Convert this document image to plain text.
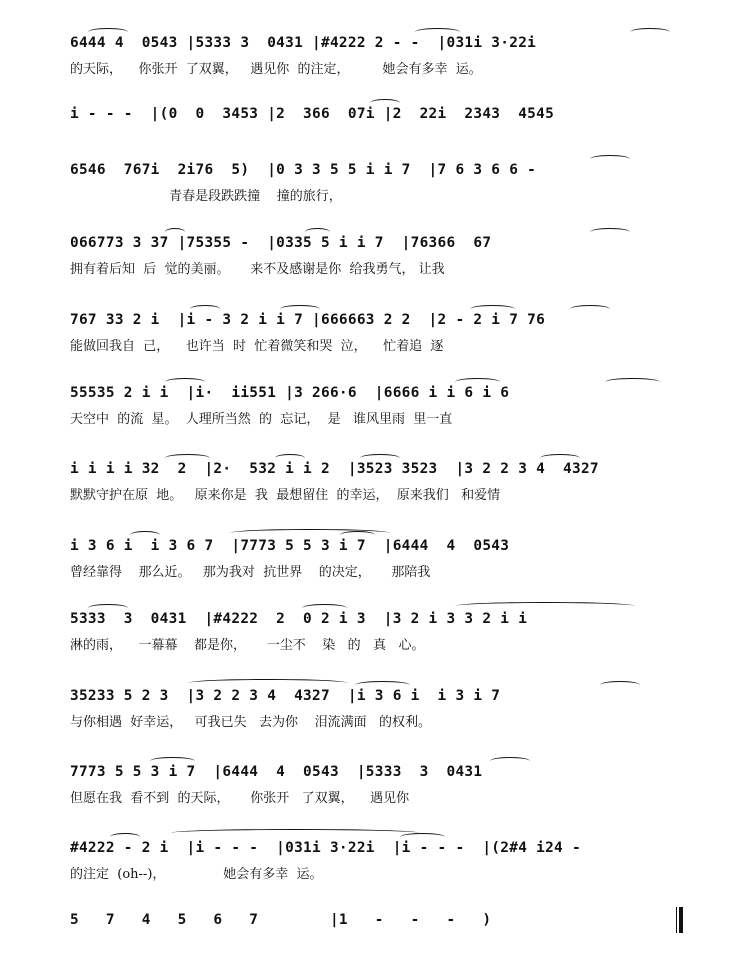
6444 4  0543 |5333 3  0431 |#4222 2 - -  |031i 3·22i
的天际，    你张开  了双翼，   遇见你  的注定，        她会有多幸  运。
i - - -  |(0  0  3453 |2  366  07i |2  22i  2343  4545
6546  767i  2i76  5)  |0 3 3 5 5 i i 7  |7 6 3 6 6 -
青春是段跌跌撞    撞的旅行，
066773 3 37 |75355 -  |0335 5 i i 7  |76366  67
拥有着后知  后  觉的美丽。     来不及感谢是你  给我勇气， 让我
767 33 2 i  |i - 3 2 i i 7 |666663 2 2  |2 - 2 i 7 76
能做回我自  己，    也许当  时  忙着微笑和哭  泣，    忙着追  逐
55535 2 i i  |i·  ii551 |3 266·6  |6666 i i 6 i 6
天空中  的流  星。  人理所当然  的  忘记，  是   谁风里雨  里一直
i i i i 32  2  |2·  532 i i 2  |3523 3523  |3 2 2 3 4  4327
默默守护在原  地。   原来你是  我  最想留住  的幸运，  原来我们   和爱情
i 3 6 i  i 3 6 7  |7773 5 5 3 i 7  |6444  4  0543
曾经靠得    那么近。   那为我对  抗世界    的决定，     那陪我
5333  3  0431  |#4222  2  0 2 i 3  |3 2 i 3 3 2 i i
淋的雨，    一幕幕    都是你，     一尘不    染   的   真   心。
35233 5 2 3  |3 2 2 3 4  4327  |i 3 6 i  i 3 i 7
与你相遇  好幸运，   可我已失   去为你    泪流满面   的权利。
7773 5 5 3 i 7  |6444  4  0543  |5333  3  0431
但愿在我  看不到  的天际，     你张开   了双翼，    遇见你
#4222 - 2 i  |i - - -  |031i 3·22i  |i - - -  |(2#4 i24 -
的注定  (oh--)，              她会有多幸  运。
5   7   4   5   6   7        |1   -   -   -   )
